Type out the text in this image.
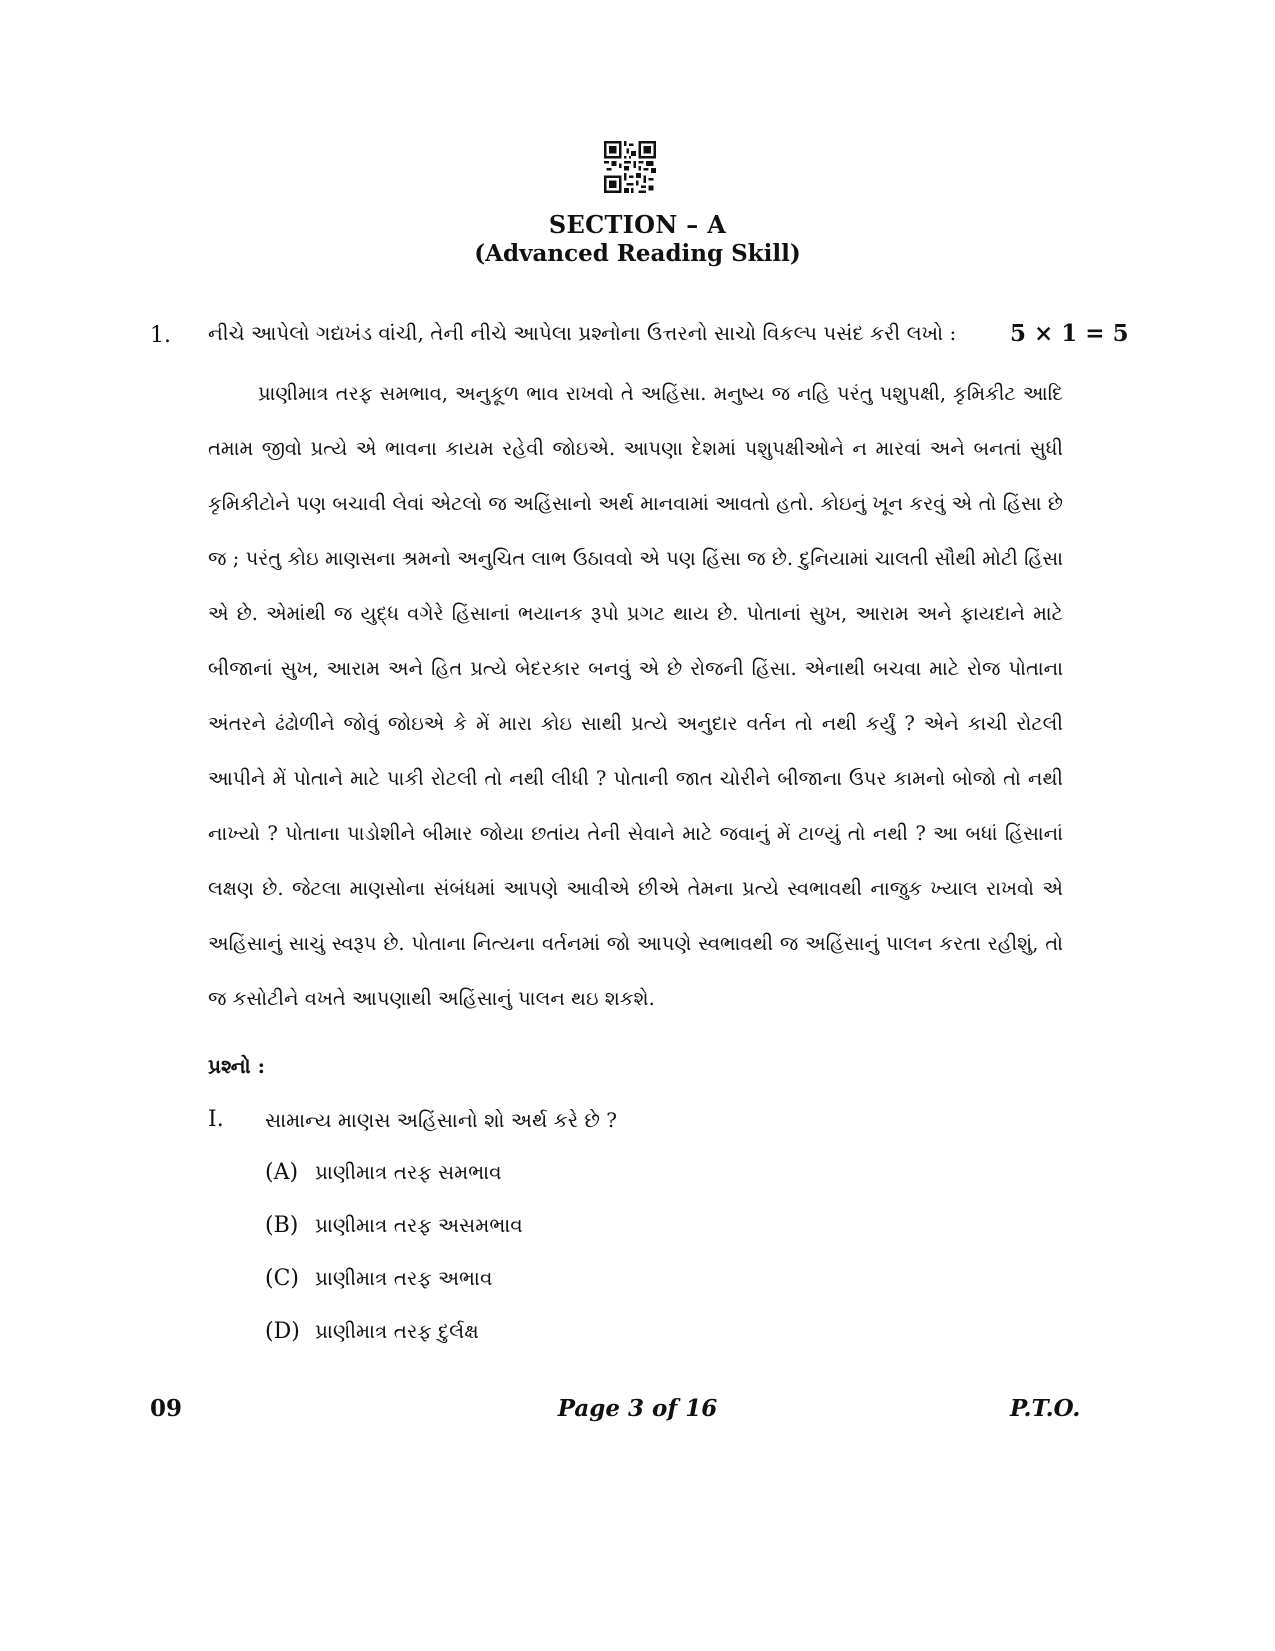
SECTION – A
(Advanced Reading Skill)
1. નીચે આપેલો ગદ્યખંડ વાંચી, તેની નીચે આપેલા પ્રશ્નોના ઉત્તરનો સાચો વિકલ્પ પસંદ કરી લખો : 5 × 1 = 5

પ્રાણીમાત્ર તરફ સમભાવ, અનુકૂળ ભાવ રાખવો તે અહિંસા. મનુષ્ય જ નહિ પરંતુ પશુપક્ષી, કૃમિકીટ આદિ તમામ જીવો પ્રત્યે એ ભાવના કાયમ રહેવી જોઇએ. આપણા દેશમાં પશુપક્ષીઓને ન મારવાં અને બનતાં સુધી કૃમિકીટોને પણ બચાવી લેવાં એટલો જ અહિંસાનો અર્થ માનવામાં આવતો હતો. કોઇનું ખૂન કરવું એ તો હિંસા છે જ ; પરંતુ કોઇ માણસના શ્રમનો અનુચિત લાભ ઉઠાવવો એ પણ હિંસા જ છે. દુનિયામાં ચાલતી સૌથી મોટી હિંસા એ છે. એમાંથી જ યુદ્ધ વગેરે હિંસાનાં ભયાનક રૂપો પ્રગટ થાય છે. પોતાનાં સુખ, આરામ અને ફાયદાને માટે બીજાનાં સુખ, આરામ અને હિત પ્રત્યે બેદરકાર બનવું એ છે રોજની હિંસા. એનાથી બચવા માટે રોજ પોતાના અંતરને ઢંઢોળીને જોવું જોઇએ કે મેં મારા કોઇ સાથી પ્રત્યે અનુદાર વર્તન તો નથી કર્યું ? એને કાચી રોટલી આપીને મેં પોતાને માટે પાકી રોટલી તો નથી લીધી ? પોતાની જાત ચોરીને બીજાના ઉપર કામનો બોજો તો નથી નાખ્યો ? પોતાના પાડોશીને બીમાર જોયા છતાંય તેની સેવાને માટે જવાનું મેં ટાળ્યું તો નથી ? આ બધાં હિંસાનાં લક્ષણ છે. જેટલા માણસોના સંબંધમાં આપણે આવીએ છીએ તેમના પ્રત્યે સ્વભાવથી નાજુક ખ્યાલ રાખવો એ અહિંસાનું સાચું સ્વરૂપ છે. પોતાના નિત્યના વર્તનમાં જો આપણે સ્વભાવથી જ અહિંસાનું પાલન કરતા રહીશું, તો જ કસોટીને વખતે આપણાથી અહિંસાનું પાલન થઇ શકશે.

પ્રશ્નો :
I. સામાન્ય માણસ અહિંસાનો શો અર્થ કરે છે ?
(A) પ્રાણીમાત્ર તરફ સમભાવ
(B) પ્રાણીમાત્ર તરફ અસમભાવ
(C) પ્રાણીમાત્ર તરફ અભાવ
(D) પ્રાણીમાત્ર તરફ દુર્લક્ષ
09	Page 3 of 16	P.T.O.
